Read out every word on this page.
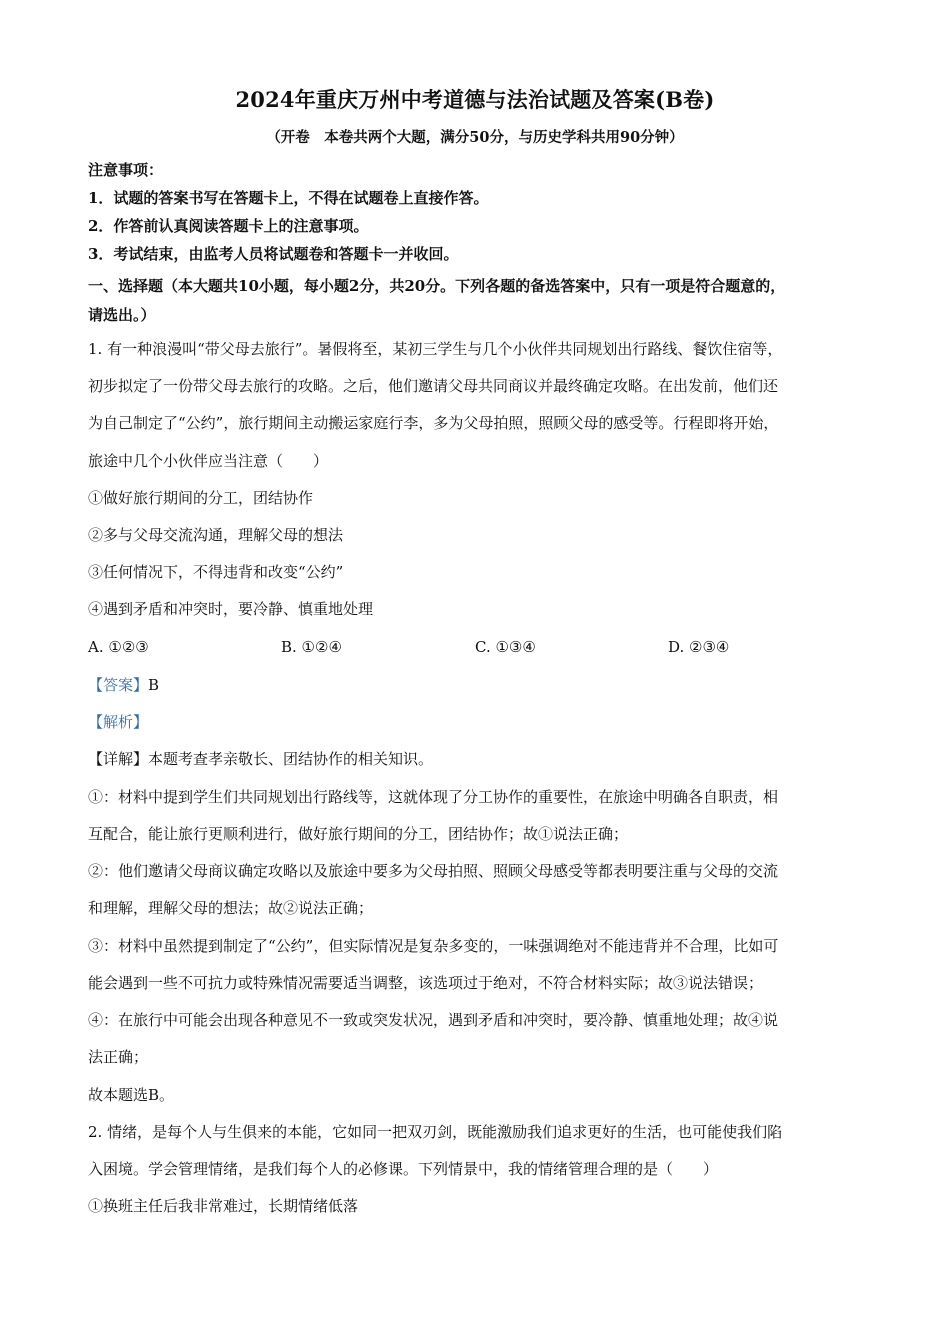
2024年重庆万州中考道德与法治试题及答案(B卷)
（开卷　本卷共两个大题，满分50分，与历史学科共用90分钟）
注意事项：
1．试题的答案书写在答题卡上，不得在试题卷上直接作答。
2．作答前认真阅读答题卡上的注意事项。
3．考试结束，由监考人员将试题卷和答题卡一并收回。
一、选择题（本大题共10小题，每小题2分，共20分。下列各题的备选答案中，只有一项是符合题意的，
请选出。）
1. 有一种浪漫叫“带父母去旅行”。暑假将至，某初三学生与几个小伙伴共同规划出行路线、餐饮住宿等，
初步拟定了一份带父母去旅行的攻略。之后，他们邀请父母共同商议并最终确定攻略。在出发前，他们还
为自己制定了“公约”，旅行期间主动搬运家庭行李，多为父母拍照，照顾父母的感受等。行程即将开始，
旅途中几个小伙伴应当注意（　　）
①做好旅行期间的分工，团结协作
②多与父母交流沟通，理解父母的想法
③任何情况下，不得违背和改变“公约”
④遇到矛盾和冲突时，要冷静、慎重地处理
A. ①②③	B. ①②④	C. ①③④	D. ②③④
【答案】B
【解析】
【详解】本题考查孝亲敬长、团结协作的相关知识。
①：材料中提到学生们共同规划出行路线等，这就体现了分工协作的重要性，在旅途中明确各自职责，相
互配合，能让旅行更顺利进行，做好旅行期间的分工，团结协作；故①说法正确；
②：他们邀请父母商议确定攻略以及旅途中要多为父母拍照、照顾父母感受等都表明要注重与父母的交流
和理解，理解父母的想法；故②说法正确；
③：材料中虽然提到制定了“公约”，但实际情况是复杂多变的，一味强调绝对不能违背并不合理，比如可
能会遇到一些不可抗力或特殊情况需要适当调整，该选项过于绝对，不符合材料实际；故③说法错误；
④：在旅行中可能会出现各种意见不一致或突发状况，遇到矛盾和冲突时，要冷静、慎重地处理；故④说
法正确；
故本题选B。
2. 情绪，是每个人与生俱来的本能，它如同一把双刃剑，既能激励我们追求更好的生活，也可能使我们陷
入困境。学会管理情绪，是我们每个人的必修课。下列情景中，我的情绪管理合理的是（　　）
①换班主任后我非常难过，长期情绪低落
